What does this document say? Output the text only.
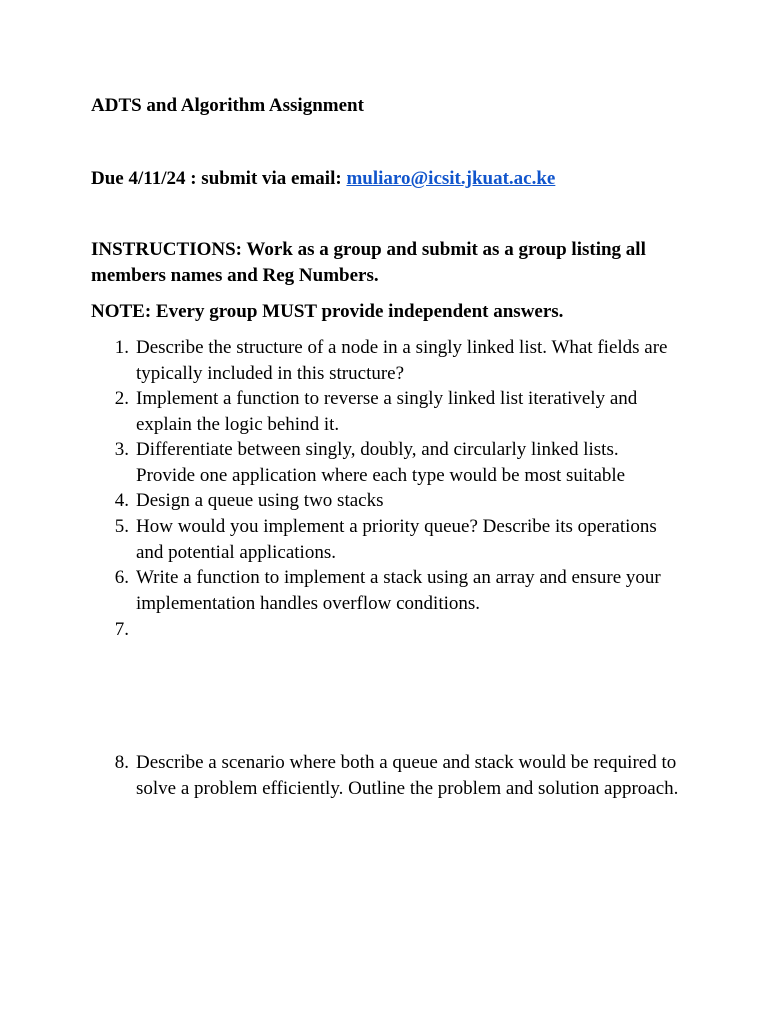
ADTS and Algorithm Assignment

Due 4/11/24 : submit via email: muliaro@icsit.jkuat.ac.ke

INSTRUCTIONS: Work as a group and submit as a group listing all members names and Reg Numbers.

NOTE: Every group MUST provide independent answers.

1. Describe the structure of a node in a singly linked list. What fields are typically included in this structure?
2. Implement a function to reverse a singly linked list iteratively and explain the logic behind it.
3. Differentiate between singly, doubly, and circularly linked lists. Provide one application where each type would be most suitable
4. Design a queue using two stacks
5. How would you implement a priority queue? Describe its operations and potential applications.
6. Write a function to implement a stack using an array and ensure your implementation handles overflow conditions.
7.
8. Describe a scenario where both a queue and stack would be required to solve a problem efficiently. Outline the problem and solution approach.
